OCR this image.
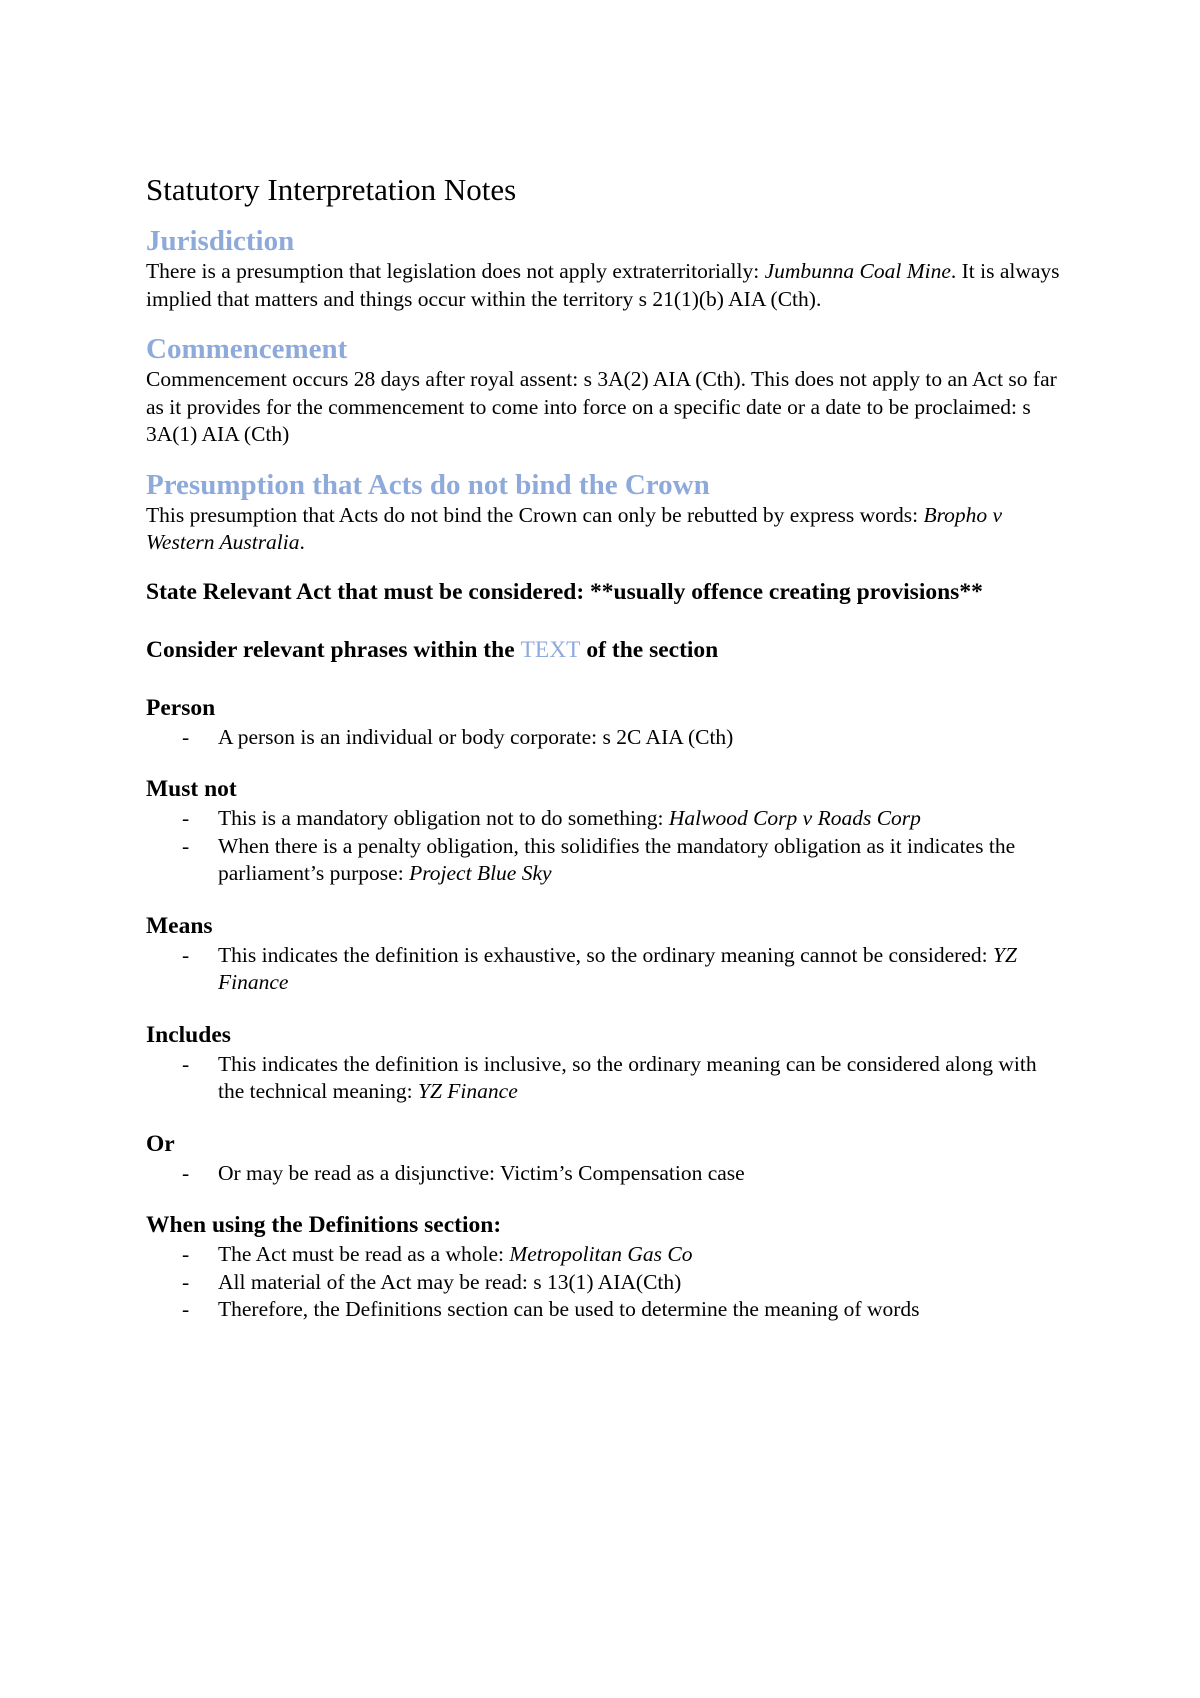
Statutory Interpretation Notes
Jurisdiction

There is a presumption that legislation does not apply extraterritorially: Jumbunna Coal Mine. It is always implied that matters and things occur within the territory s 21(1)(b) AIA (Cth).

Commencement

Commencement occurs 28 days after royal assent: s 3A(2) AIA (Cth). This does not apply to an Act so far as it provides for the commencement to come into force on a specific date or a date to be proclaimed: s 3A(1) AIA (Cth)

Presumption that Acts do not bind the Crown

This presumption that Acts do not bind the Crown can only be rebutted by express words: Bropho v Western Australia.

State Relevant Act that must be considered: **usually offence creating provisions**
Consider relevant phrases within the TEXT of the section
Person
- A person is an individual or body corporate: s 2C AIA (Cth)
Must not
- This is a mandatory obligation not to do something: Halwood Corp v Roads Corp
- When there is a penalty obligation, this solidifies the mandatory obligation as it indicates the parliament’s purpose: Project Blue Sky
Means
- This indicates the definition is exhaustive, so the ordinary meaning cannot be considered: YZ Finance
Includes
- This indicates the definition is inclusive, so the ordinary meaning can be considered along with the technical meaning: YZ Finance
Or
- Or may be read as a disjunctive: Victim’s Compensation case
When using the Definitions section:
- The Act must be read as a whole: Metropolitan Gas Co
- All material of the Act may be read: s 13(1) AIA(Cth)
- Therefore, the Definitions section can be used to determine the meaning of words
